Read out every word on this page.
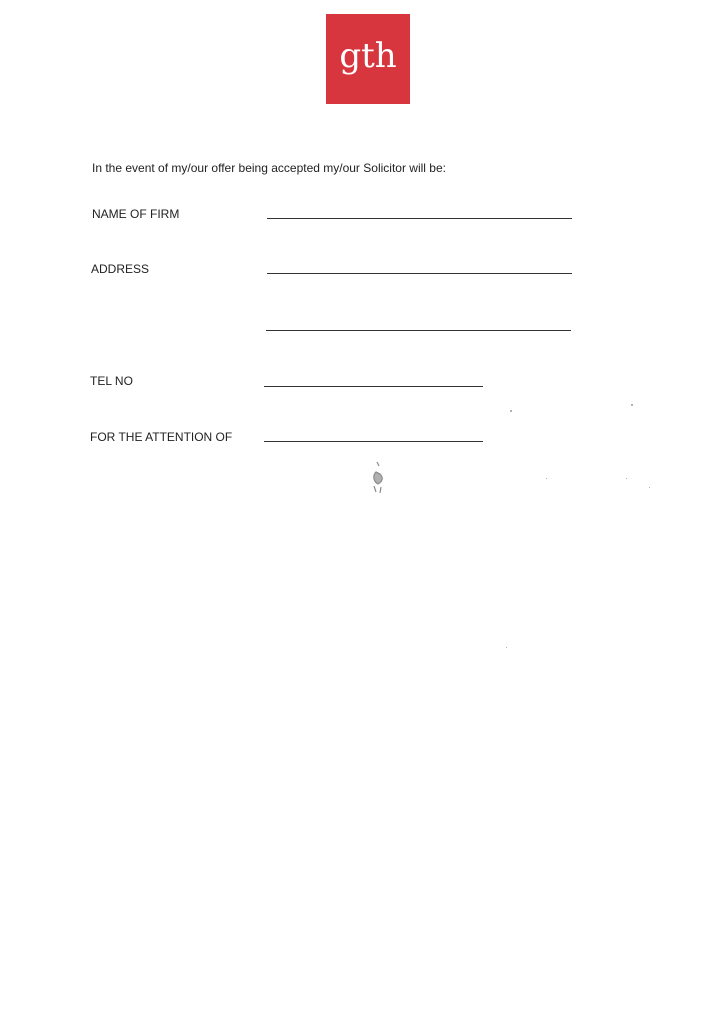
gth
In the event of my/our offer being accepted my/our Solicitor will be:
NAME OF FIRM
ADDRESS
TEL NO
FOR THE ATTENTION OF
